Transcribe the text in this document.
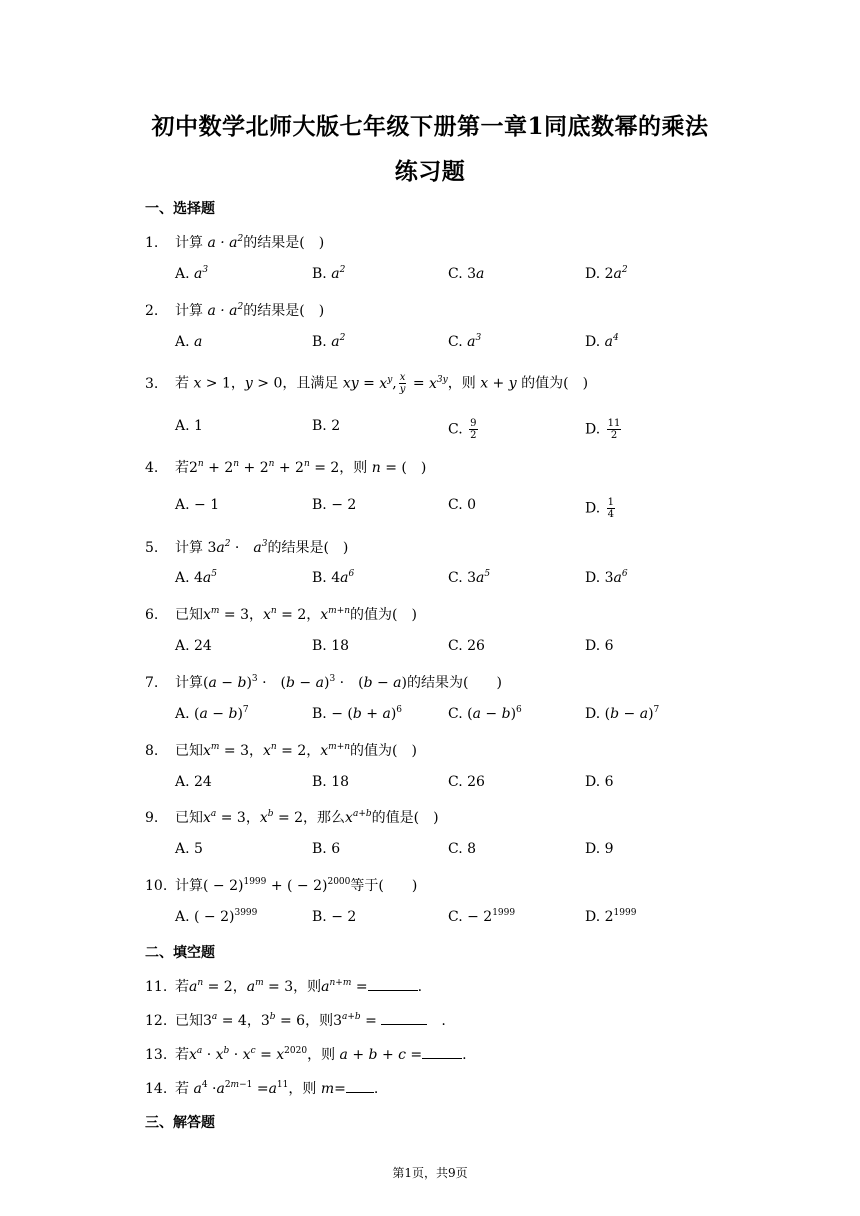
初中数学北师大版七年级下册第一章1同底数幂的乘法
练习题
一、选择题
1. 计算 $a \cdot a^2$的结果是(　)
A. $a^3$	B. $a^2$	C. 3a	D. $2a^2$
2. 计算 $a \cdot a^2$的结果是(　)
A. a	B. $a^2$	C. $a^3$	D. $a^4$
3. 若 x > 1，y > 0，且满足 xy = $x^y$, $\frac{x}{y} = x^{3y}$，则 x + y 的值为(　)
A. 1	B. 2	C. $\frac{9}{2}$	D. $\frac{11}{2}$
4. 若$2^n + 2^n + 2^n + 2^n = 2$，则 n = (　)
A. − 1	B. − 2	C. 0	D. $\frac{1}{4}$
5. 计算 $3a^2$ ·　$a^3$的结果是(　)
A. $4a^5$	B. $4a^6$	C. $3a^5$	D. $3a^6$
6. 已知$x^m = 3$，$x^n = 2$，$x^{m+n}$的值为(　)
A. 24	B. 18	C. 26	D. 6
7. 计算$(a - b)^3$ ·　$(b - a)^3$ ·　(b − a)的结果为(　　)
A. $(a - b)^7$	B. − $(b + a)^6$	C. $(a - b)^6$	D. $(b - a)^7$
8. 已知$x^m = 3$，$x^n = 2$，$x^{m+n}$的值为(　)
A. 24	B. 18	C. 26	D. 6
9. 已知$x^a = 3$，$x^b = 2$，那么$x^{a+b}$的值是(　)
A. 5	B. 6	C. 8	D. 9
10. 计算( − 2)$^{1999}$ + ( − 2)$^{2000}$等于(　　)
A. ( − 2)$^{3999}$	B. − 2	C. − $2^{1999}$	D. $2^{1999}$
二、填空题
11. 若$a^n = 2$，$a^m = 3$，则$a^{n+m}$ =	.
12. 已知$3^a = 4$，$3^b = 6$，则$3^{a+b}$ = 　	.
13. 若$x^a \cdot x^b \cdot x^c = x^{2020}$，则 a + b + c =	.
14. 若 $a^4 \cdot a^{2m-1} =a^{11}$，则 m= .
三、解答题
第1页，共9页
